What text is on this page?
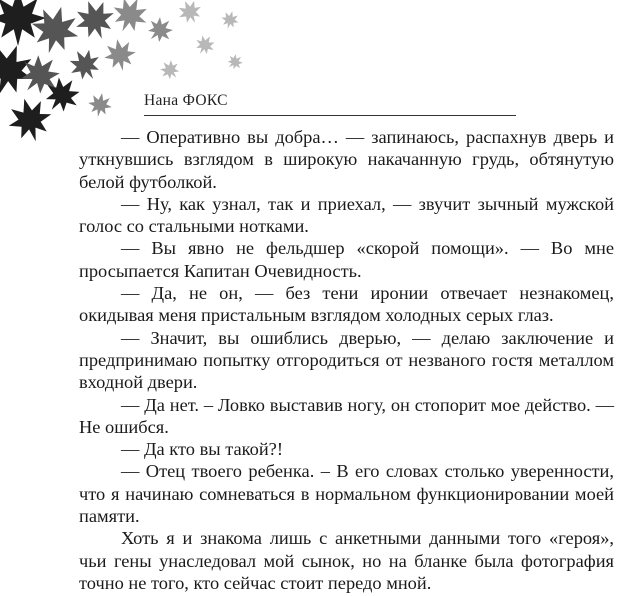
Нана ФОКС

— Оперативно вы добра… — запинаюсь, распахнув дверь и уткнувшись взглядом в широкую накачанную грудь, обтянутую белой футболкой.

— Ну, как узнал, так и приехал, — звучит зычный мужской голос со стальными нотками.

— Вы явно не фельдшер «скорой помощи». — Во мне просыпается Капитан Очевидность.

— Да, не он, — без тени иронии отвечает незнакомец, окидывая меня пристальным взглядом холодных серых глаз.

— Значит, вы ошиблись дверью, — делаю заключение и предпринимаю попытку отгородиться от незваного гостя металлом входной двери.

— Да нет. – Ловко выставив ногу, он стопорит мое действо. — Не ошибся.

— Да кто вы такой?!

— Отец твоего ребенка. – В его словах столько уверенности, что я начинаю сомневаться в нормальном функционировании моей памяти.

Хоть я и знакома лишь с анкетными данными того «героя», чьи гены унаследовал мой сынок, но на бланке была фотография точно не того, кто сейчас стоит передо мной.
